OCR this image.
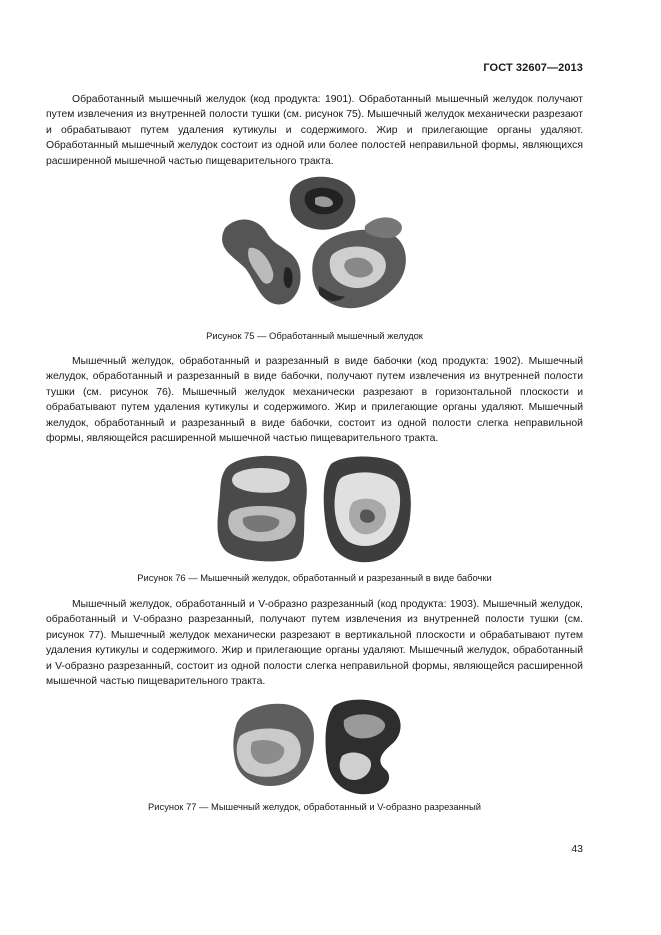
ГОСТ 32607—2013

Обработанный мышечный желудок (код продукта: 1901). Обработанный мышечный желудок получают путем извлечения из внутренней полости тушки (см. рисунок 75). Мышечный желудок механически разрезают и обрабатывают путем удаления кутикулы и содержимого. Жир и прилегающие органы удаляют. Обработанный мышечный желудок состоит из одной или более полостей неправильной формы, являющихся расширенной мышечной частью пищеварительного тракта.

Рисунок 75 — Обработанный мышечный желудок

Мышечный желудок, обработанный и разрезанный в виде бабочки (код продукта: 1902). Мышечный желудок, обработанный и разрезанный в виде бабочки, получают путем извлечения из внутренней полости тушки (см. рисунок 76). Мышечный желудок механически разрезают в горизонтальной плоскости и обрабатывают путем удаления кутикулы и содержимого. Жир и прилегающие органы удаляют. Мышечный желудок, обработанный и разрезанный в виде бабочки, состоит из одной полости слегка неправильной формы, являющейся расширенной мышечной частью пищеварительного тракта.

Рисунок 76 — Мышечный желудок, обработанный и разрезанный в виде бабочки

Мышечный желудок, обработанный и V-образно разрезанный (код продукта: 1903). Мышечный желудок, обработанный и V-образно разрезанный, получают путем извлечения из внутренней полости тушки (см. рисунок 77). Мышечный желудок механически разрезают в вертикальной плоскости и обрабатывают путем удаления кутикулы и содержимого. Жир и прилегающие органы удаляют. Мышечный желудок, обработанный и V-образно разрезанный, состоит из одной полости слегка неправильной формы, являющейся расширенной мышечной частью пищеварительного тракта.

Рисунок 77 — Мышечный желудок, обработанный и V-образно разрезанный
43
